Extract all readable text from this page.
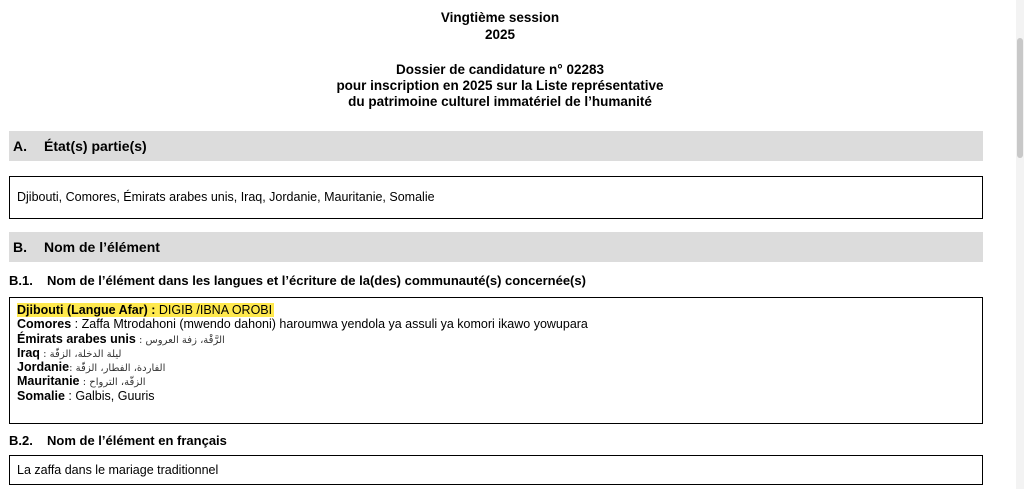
Vingtième session
2025
Dossier de candidature n° 02283
pour inscription en 2025 sur la Liste représentative
du patrimoine culturel immatériel de l’humanité
A. État(s) partie(s)
Djibouti, Comores, Émirats arabes unis, Iraq, Jordanie, Mauritanie, Somalie
B. Nom de l’élément
B.1. Nom de l’élément dans les langues et l’écriture de la(des) communauté(s) concernée(s)
Djibouti (Langue Afar) : DIGIB /IBNA OROBI
Comores : Zaffa Mtrodahoni (mwendo dahoni) haroumwa yendola ya assuli ya komori ikawo yowupara
Émirats arabes unis : الرَّقْة، زفة العروس
Iraq : ليلة الدخلة، الزفّة
Jordanie: الفاردة، الفطار، الزفّة
Mauritanie : الزفّة، الترواح
Somalie : Galbis, Guuris
B.2. Nom de l’élément en français
La zaffa dans le mariage traditionnel
